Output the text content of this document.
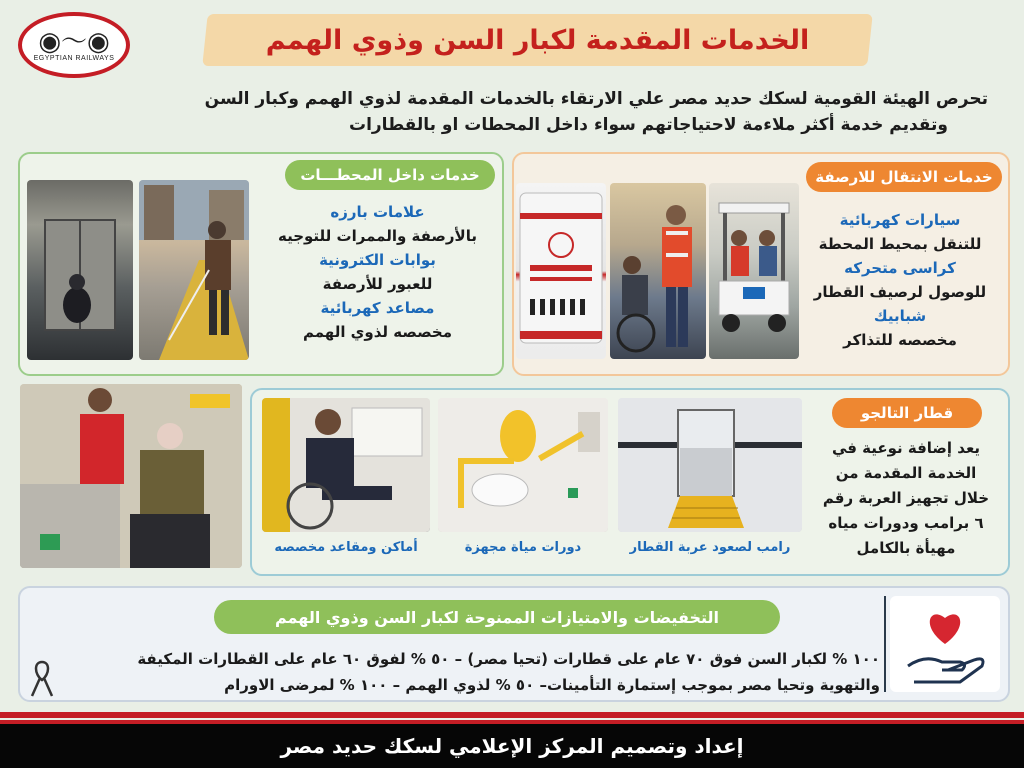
◉〜◉
EGYPTIAN RAILWAYS
الخدمات المقدمة لكبار السن وذوي الهمم
تحرص الهيئة القومية لسكك حديد مصر علي الارتقاء بالخدمات المقدمة لذوي الهمم وكبار السن
وتقديم خدمة أكثر ملاءمة لاحتياجاتهم سواء داخل المحطات او بالقطارات
خدمات داخل المحطـــات
علامات بارزه
بالأرصفة والممرات للتوجيه
بوابات الكترونية
للعبور للأرصفة
مصاعد كهربائية
مخصصه لذوي الهمم
خدمات الانتقال للارصفة
سيارات كهربائية
للتنقل بمحيط المحطة
كراسى متحركه
للوصول لرصيف القطار
شبابيك
مخصصه للتذاكر
قطار التالجو
يعد إضافة نوعية في
الخدمة المقدمة من
خلال تجهيز العربة رقم
٦ برامب ودورات مياه
مهيأة بالكامل
رامب لصعود عربة القطار
دورات مياة مجهزة
أماكن ومقاعد مخصصه
التخفيضات والامتيازات الممنوحة لكبار السن وذوي الهمم
١٠٠ % لكبار السن فوق ٧٠ عام على قطارات (تحيا مصر) – ٥٠ % لفوق ٦٠ عام على القطارات المكيفة
والتهوية وتحيا مصر بموجب إستمارة التأمينات– ٥٠ % لذوي الهمم – ١٠٠ % لمرضى الاورام
إعداد وتصميم المركز الإعلامي لسكك حديد مصر
